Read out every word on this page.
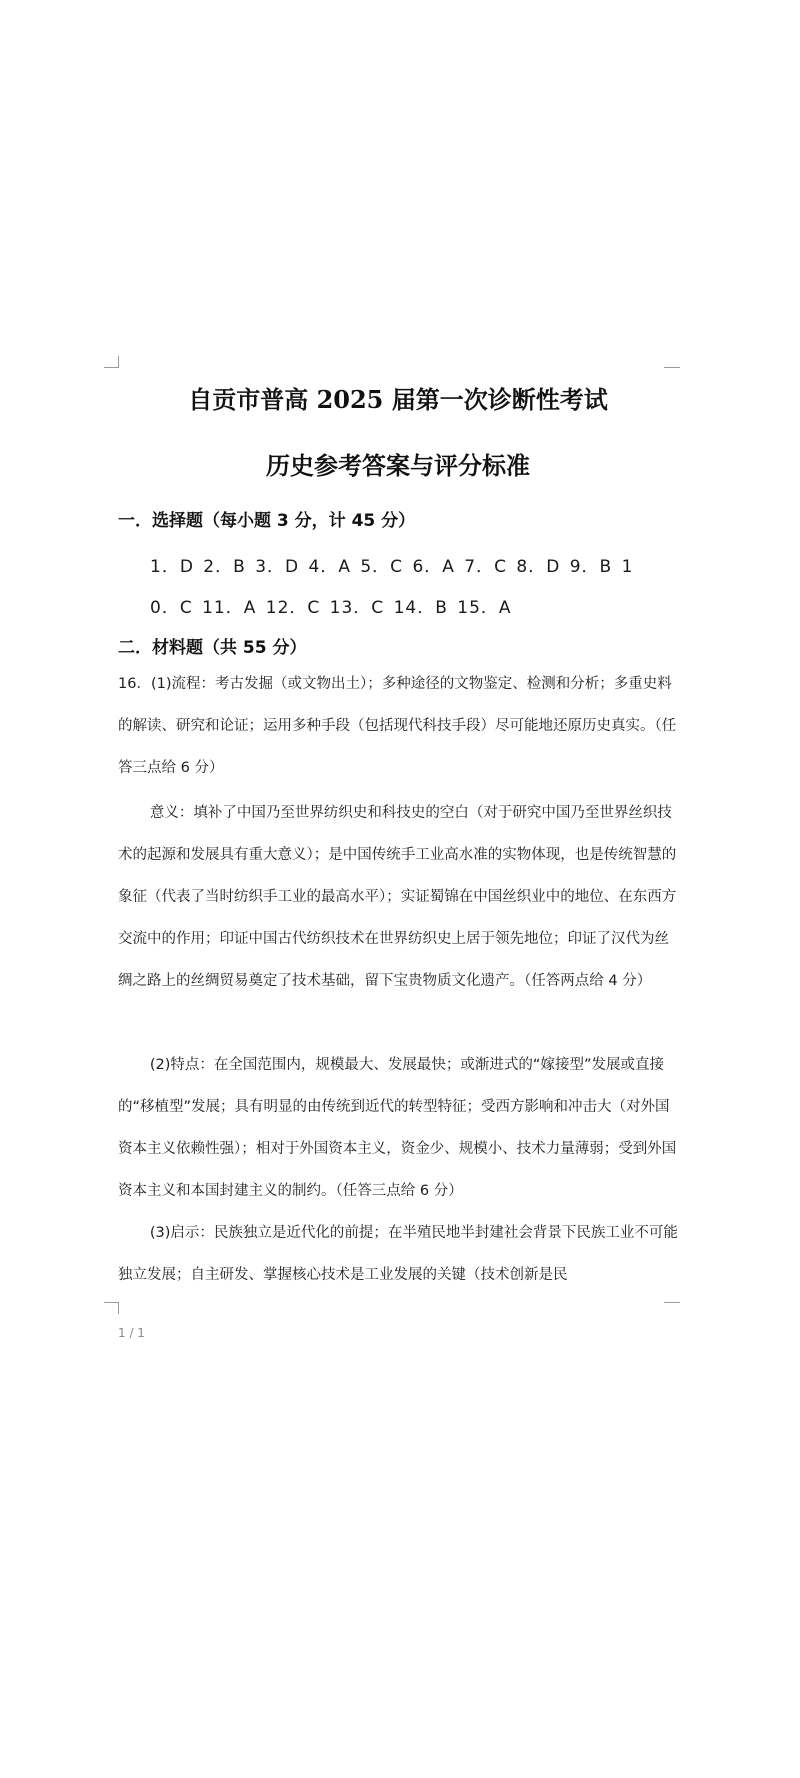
自贡市普高 2025 届第一次诊断性考试
历史参考答案与评分标准
一．选择题（每小题 3 分，计 45 分）
1．D 2．B 3．D 4．A 5．C 6．A 7．C 8．D 9．B 1
0．C 11．A 12．C 13．C 14．B 15．A
二．材料题（共 55 分）
16．(1)流程：考古发掘（或文物出土）；多种途径的文物鉴定、检测和分析；多重史料的解读、研究和论证；运用多种手段（包括现代科技手段）尽可能地还原历史真实。（任答三点给 6 分）
意义：填补了中国乃至世界纺织史和科技史的空白（对于研究中国乃至世界丝织技术的起源和发展具有重大意义）；是中国传统手工业高水准的实物体现，也是传统智慧的象征（代表了当时纺织手工业的最高水平）；实证蜀锦在中国丝织业中的地位、在东西方交流中的作用；印证中国古代纺织技术在世界纺织史上居于领先地位；印证了汉代为丝绸之路上的丝绸贸易奠定了技术基础，留下宝贵物质文化遗产。（任答两点给 4 分）
(2)特点：在全国范围内，规模最大、发展最快；或渐进式的“嫁接型”发展或直接的“移植型”发展；具有明显的由传统到近代的转型特征；受西方影响和冲击大（对外国资本主义依赖性强）；相对于外国资本主义，资金少、规模小、技术力量薄弱；受到外国资本主义和本国封建主义的制约。（任答三点给 6 分）
(3)启示：民族独立是近代化的前提；在半殖民地半封建社会背景下民族工业不可能独立发展；自主研发、掌握核心技术是工业发展的关键（技术创新是民
1 / 1
